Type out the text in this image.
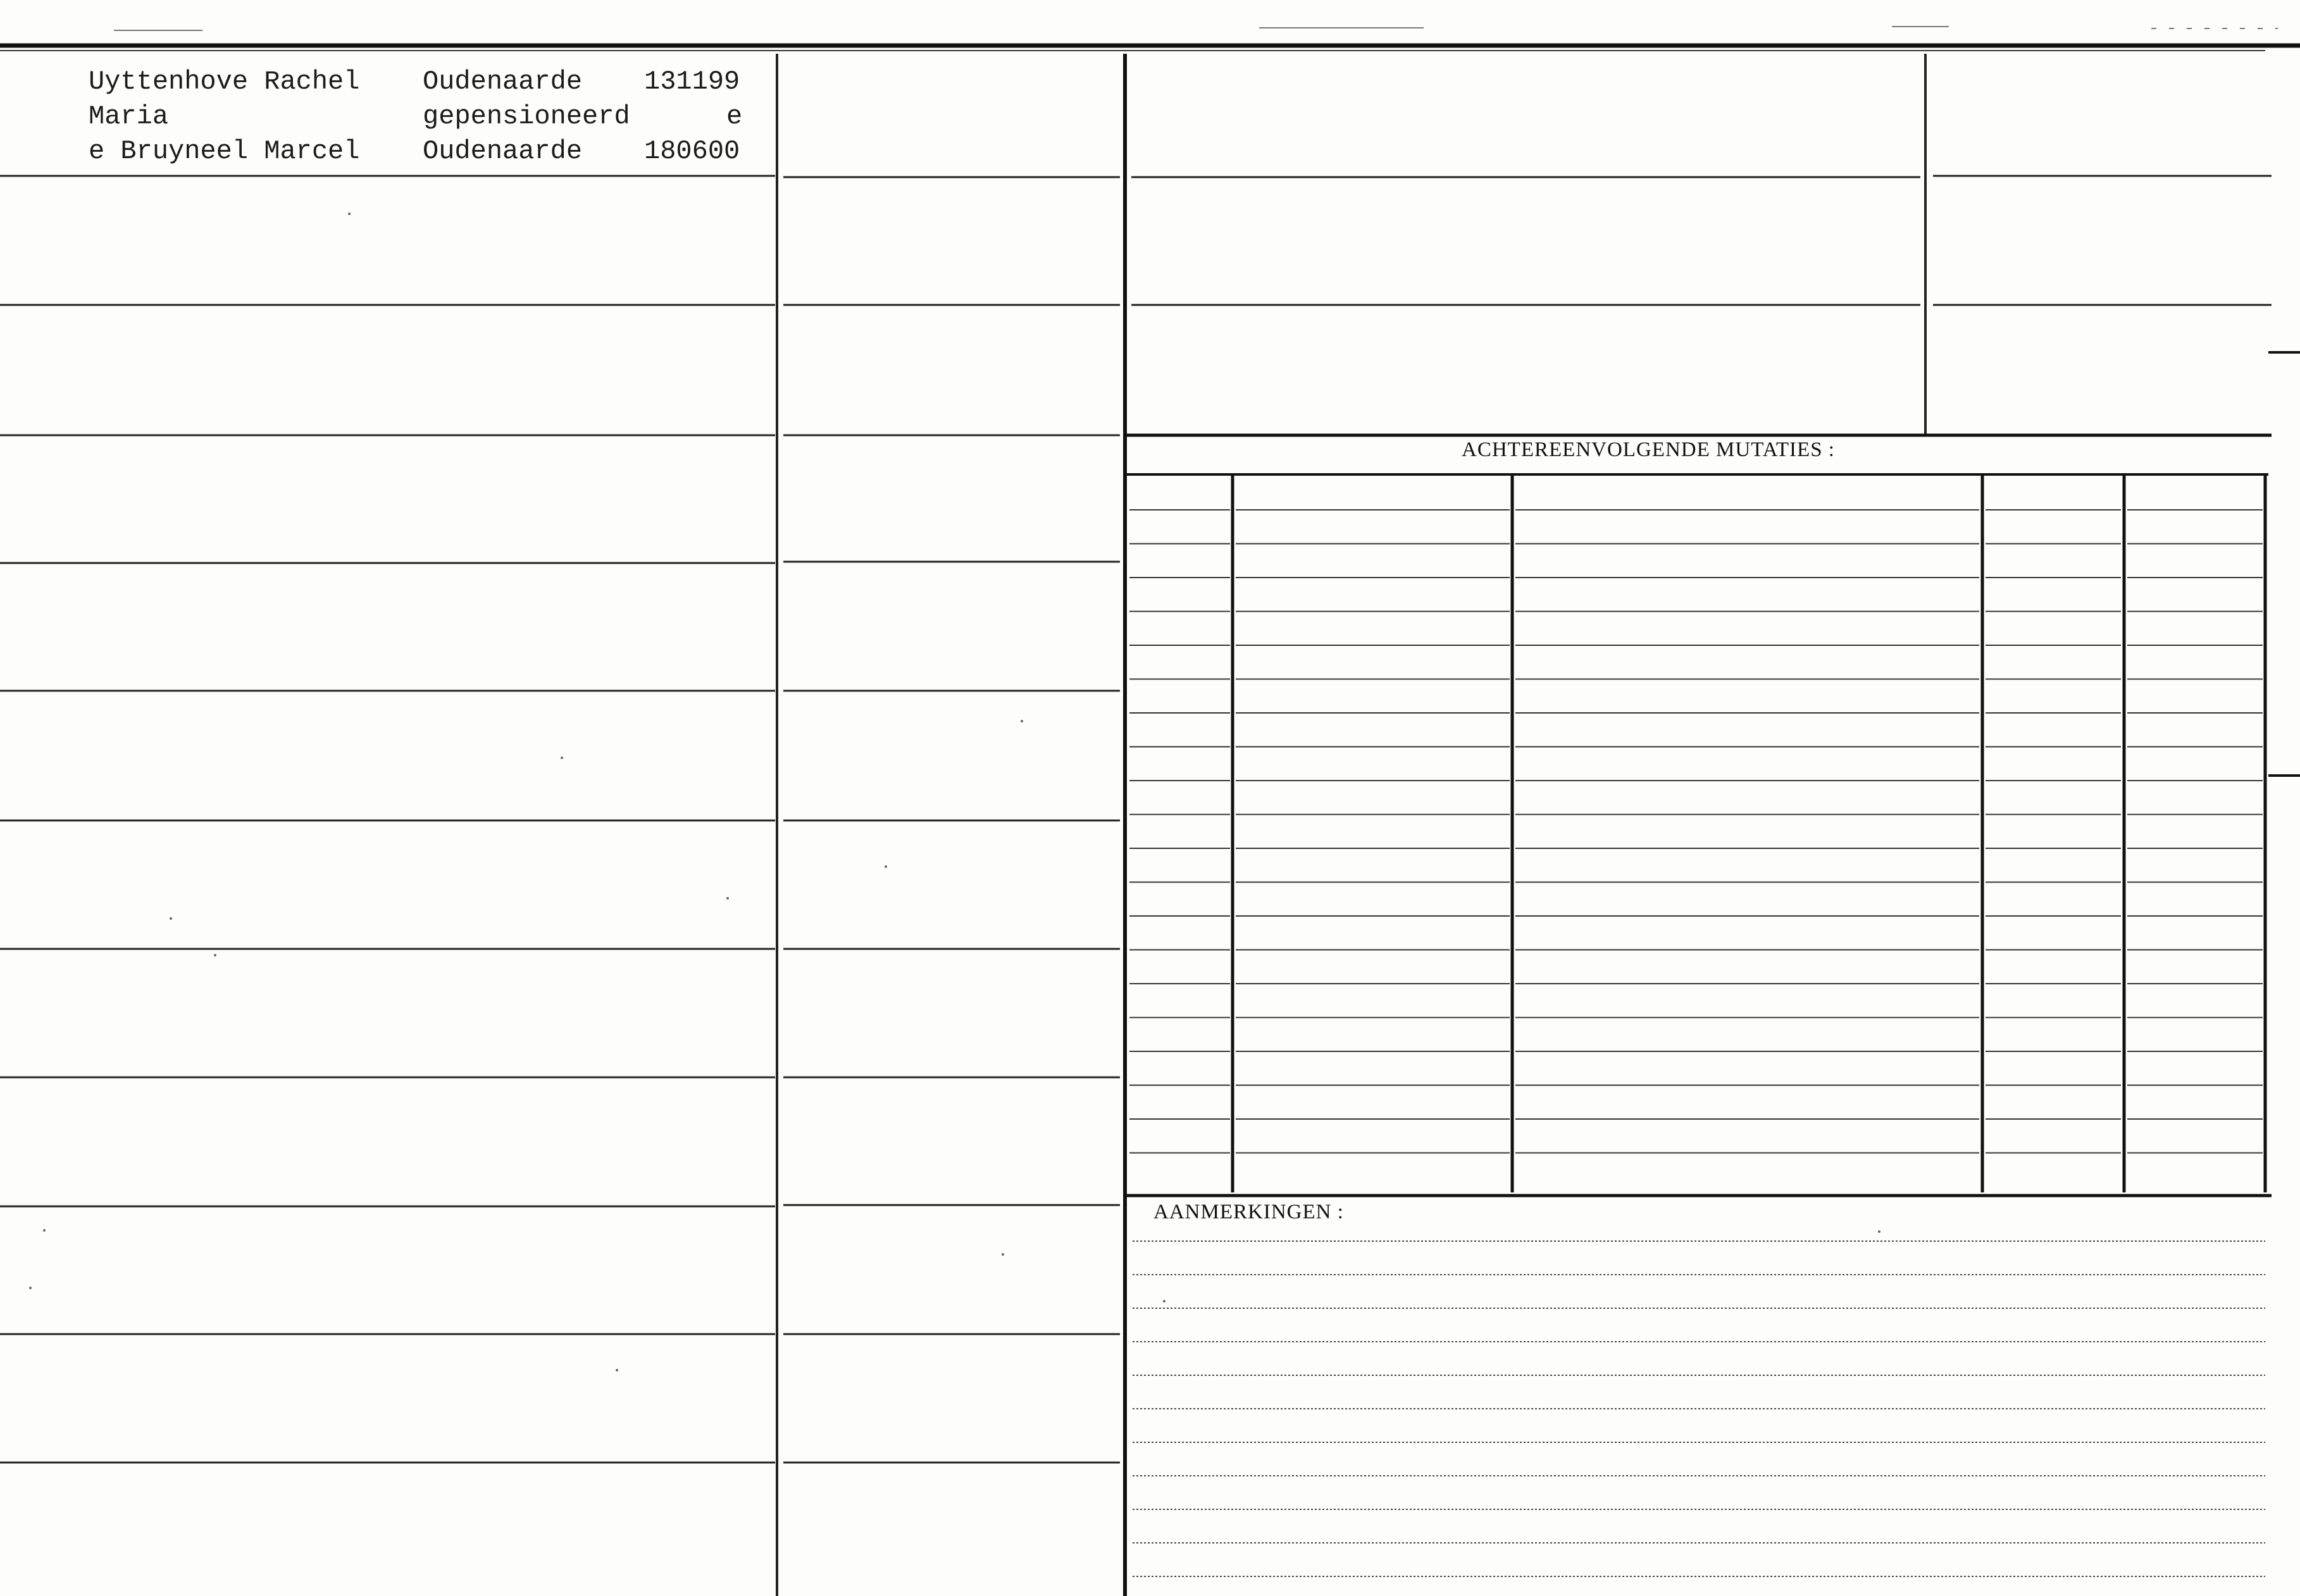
Uyttenhove Rachel
Maria
e Bruyneel Marcel
Oudenaarde
gepensioneerd
Oudenaarde
131199
e
180600
ACHTEREENVOLGENDE MUTATIES :
AANMERKINGEN :
